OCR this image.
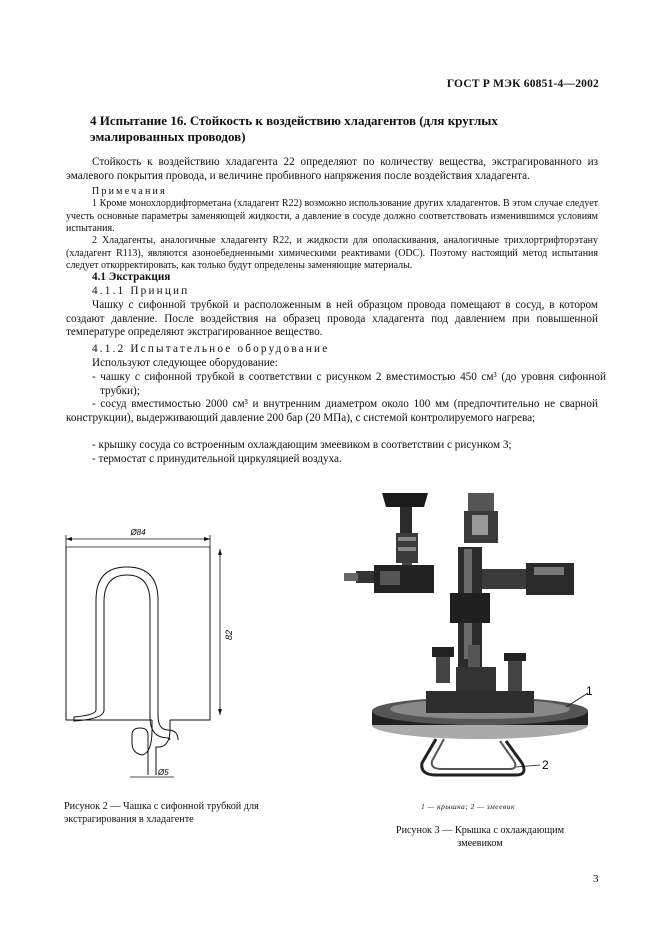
ГОСТ Р МЭК 60851-4—2002
4 Испытание 16. Стойкость к воздействию хладагентов (для круглых эмалированных проводов)
Стойкость к воздействию хладагента 22 определяют по количеству вещества, экстрагированного из эмалевого покрытия провода, и величине пробивного напряжения после воздействия хладагента.
Примечания
1 Кроме монохлордифторметана (хладагент R22) возможно использование других хладагентов. В этом случае следует учесть основные параметры заменяющей жидкости, а давление в сосуде должно соответствовать изменившимся условиям испытания.
2 Хладагенты, аналогичные хладагенту R22, и жидкости для ополаскивания, аналогичные трихлортрифторэтану (хладагент R113), являются азоноебедненными химическими реактивами (ODC). Поэтому настоящий метод испытания следует откорректировать, как только будут определены заменяющие материалы.
4.1 Экстракция
4.1.1 Принцип
Чашку с сифонной трубкой и расположенным в ней образцом провода помещают в сосуд, в котором создают давление. После воздействия на образец провода хладагента под давлением при повышенной температуре определяют экстрагированное вещество.
4.1.2 Испытательное оборудование
Используют следующее оборудование:
- чашку с сифонной трубкой в соответствии с рисунком 2 вместимостью 450 см³ (до уровня сифонной трубки);
- сосуд вместимостью 2000 см³ и внутренним диаметром около 100 мм (предпочтительно не сварной конструкции), выдерживающий давление 200 бар (20 МПа), с системой контролируемого нагрева;
- крышку сосуда со встроенным охлаждающим змеевиком в соответствии с рисунком 3;
- термостат с принудительной циркуляцией воздуха.
Ø84
82
Ø5
Рисунок 2 — Чашка с сифонной трубкой для экстрагирования в хладагенте
1
2
1 — крышка; 2 — змеевик
Рисунок 3 — Крышка с охлаждающим змеевиком
3
